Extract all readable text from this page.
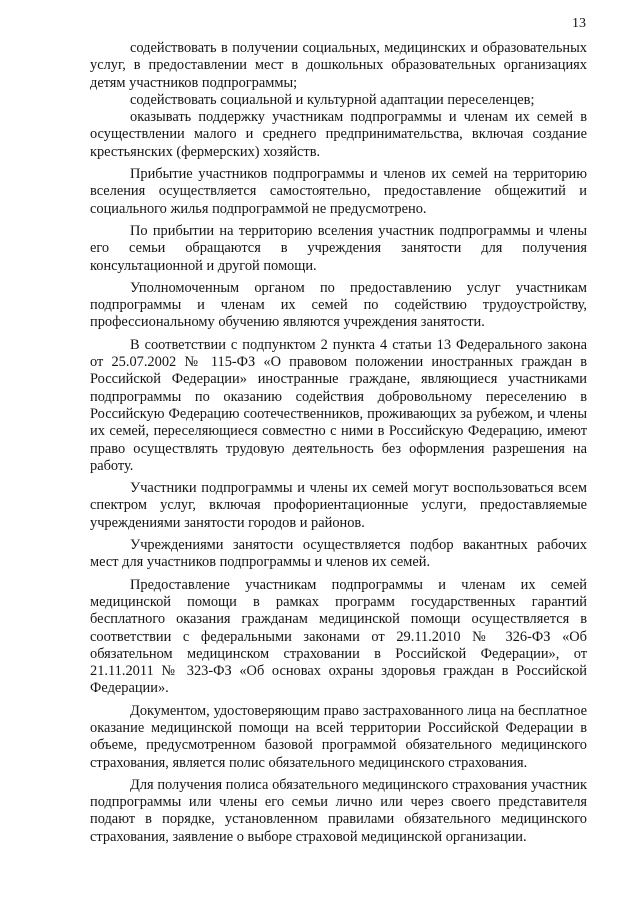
13

содействовать в получении социальных, медицинских и образовательных услуг, в предоставлении мест в дошкольных образовательных организациях детям участников подпрограммы;

содействовать социальной и культурной адаптации переселенцев;

оказывать поддержку участникам подпрограммы и членам их семей в осуществлении малого и среднего предпринимательства, включая создание крестьянских (фермерских) хозяйств.

Прибытие участников подпрограммы и членов их семей на территорию вселения осуществляется самостоятельно, предоставление общежитий и социального жилья подпрограммой не предусмотрено.

По прибытии на территорию вселения участник подпрограммы и члены его семьи обращаются в учреждения занятости для получения консультационной и другой помощи.

Уполномоченным органом по предоставлению услуг участникам подпрограммы и членам их семей по содействию трудоустройству, профессиональному обучению являются учреждения занятости.

В соответствии с подпунктом 2 пункта 4 статьи 13 Федерального закона от 25.07.2002 № 115-ФЗ «О правовом положении иностранных граждан в Российской Федерации» иностранные граждане, являющиеся участниками подпрограммы по оказанию содействия добровольному переселению в Российскую Федерацию соотечественников, проживающих за рубежом, и члены их семей, переселяющиеся совместно с ними в Российскую Федерацию, имеют право осуществлять трудовую деятельность без оформления разрешения на работу.

Участники подпрограммы и члены их семей могут воспользоваться всем спектром услуг, включая профориентационные услуги, предоставляемые учреждениями занятости городов и районов.

Учреждениями занятости осуществляется подбор вакантных рабочих мест для участников подпрограммы и членов их семей.

Предоставление участникам подпрограммы и членам их семей медицинской помощи в рамках программ государственных гарантий бесплатного оказания гражданам медицинской помощи осуществляется в соответствии с федеральными законами от 29.11.2010 № 326-ФЗ «Об обязательном медицинском страховании в Российской Федерации», от 21.11.2011 № 323-ФЗ «Об основах охраны здоровья граждан в Российской Федерации».

Документом, удостоверяющим право застрахованного лица на бесплатное оказание медицинской помощи на всей территории Российской Федерации в объеме, предусмотренном базовой программой обязательного медицинского страхования, является полис обязательного медицинского страхования.

Для получения полиса обязательного медицинского страхования участник подпрограммы или члены его семьи лично или через своего представителя подают в порядке, установленном правилами обязательного медицинского страхования, заявление о выборе страховой медицинской организации.
